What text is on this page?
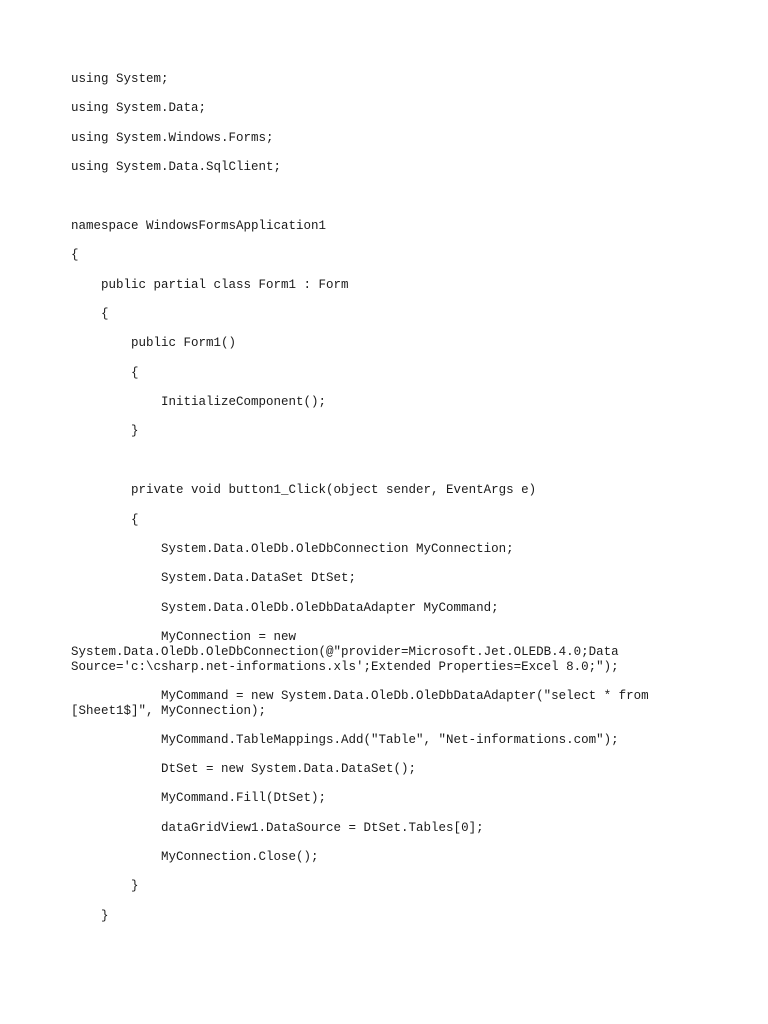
using System;
using System.Data;
using System.Windows.Forms;
using System.Data.SqlClient;
namespace WindowsFormsApplication1
{
public partial class Form1 : Form
{
public Form1()
{
InitializeComponent();
}
private void button1_Click(object sender, EventArgs e)
{
System.Data.OleDb.OleDbConnection MyConnection;
System.Data.DataSet DtSet;
System.Data.OleDb.OleDbDataAdapter MyCommand;
MyConnection = new
System.Data.OleDb.OleDbConnection(@"provider=Microsoft.Jet.OLEDB.4.0;Data
Source='c:\csharp.net-informations.xls';Extended Properties=Excel 8.0;");
MyCommand = new System.Data.OleDb.OleDbDataAdapter("select * from
[Sheet1$]", MyConnection);
MyCommand.TableMappings.Add("Table", "Net-informations.com");
DtSet = new System.Data.DataSet();
MyCommand.Fill(DtSet);
dataGridView1.DataSource = DtSet.Tables[0];
MyConnection.Close();
}
}
